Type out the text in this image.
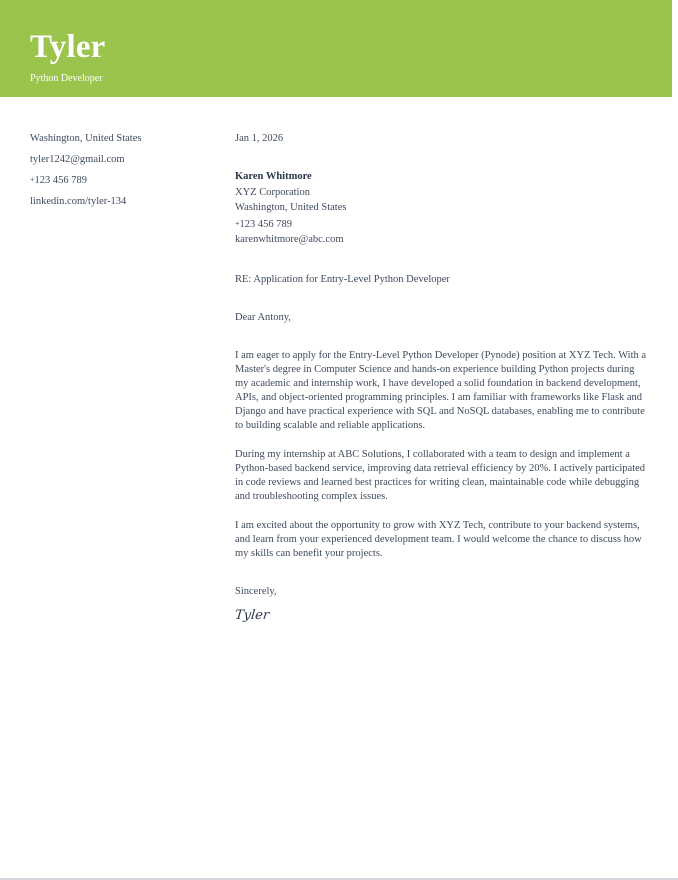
Tyler

Python Developer

Washington, United States
tyler1242@gmail.com
+123 456 789
linkedin.com/tyler-134
Jan 1, 2026
Karen Whitmore
XYZ Corporation
Washington, United States
+123 456 789
karenwhitmore@abc.com
RE: Application for Entry-Level Python Developer
Dear Antony,

I am eager to apply for the Entry-Level Python Developer (Pynode) position at XYZ Tech. With a Master's degree in Computer Science and hands-on experience building Python projects during my academic and internship work, I have developed a solid foundation in backend development, APIs, and object-oriented programming principles. I am familiar with frameworks like Flask and Django and have practical experience with SQL and NoSQL databases, enabling me to contribute to building scalable and reliable applications.

During my internship at ABC Solutions, I collaborated with a team to design and implement a Python-based backend service, improving data retrieval efficiency by 20%. I actively participated in code reviews and learned best practices for writing clean, maintainable code while debugging and troubleshooting complex issues.

I am excited about the opportunity to grow with XYZ Tech, contribute to your backend systems, and learn from your experienced development team. I would welcome the chance to discuss how my skills can benefit your projects.

Sincerely,
Tyler
